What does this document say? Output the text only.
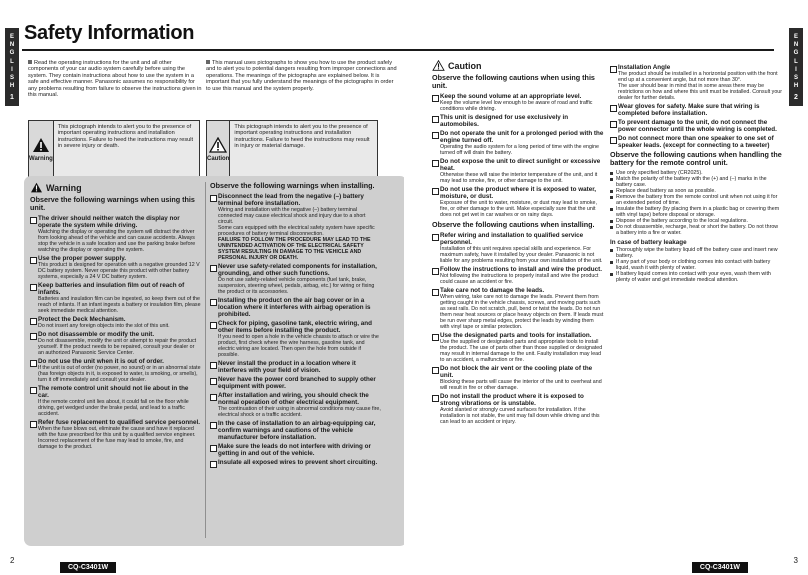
E
N
G
L
I
S
H
1
Safety Information
Read the operating instructions for the unit and all other components of your car audio system carefully before using the system. They contain instructions about how to use the system in a safe and effective manner. Panasonic assumes no responsibility for any problems resulting from failure to observe the instructions given in this manual.
This manual uses pictographs to show you how to use the product safely and to alert you to potential dangers resulting from improper connections and operations. The meanings of the pictographs are explained below. It is important that you fully understand the meanings of the pictographs in order to use this manual and the system properly.
Warning
This pictograph intends to alert you to the presence of important operating instructions and installation instructions. Failure to heed the instructions may result in severe injury or death.
Caution
This pictograph intends to alert you to the presence of important operating instructions and installation instructions. Failure to heed the instructions may result in injury or material damage.
Warning
Observe the following warnings when using this unit.
The driver should neither watch the display nor operate the system while driving.
Watching the display or operating the system will distract the driver from looking ahead of the vehicle and can cause accidents. Always stop the vehicle in a safe location and use the parking brake before watching the display or operating the system.
Use the proper power supply.
This product is designed for operation with a negative grounded 12 V DC battery system. Never operate this product with other battery systems, especially a 24 V DC battery system.
Keep batteries and insulation film out of reach of infants.
Batteries and insulation film can be ingested, so keep them out of the reach of infants. If an infant ingests a battery or insulation film, please seek immediate medical attention.
Protect the Deck Mechanism.
Do not insert any foreign objects into the slot of this unit.
Do not disassemble or modify the unit.
Do not disassemble, modify the unit or attempt to repair the product yourself. If the product needs to be repaired, consult your dealer or an authorized Panasonic Service Center.
Do not use the unit when it is out of order.
If the unit is out of order (no power, no sound) or in an abnormal state (has foreign objects in it, is exposed to water, is smoking, or smells), turn it off immediately and consult your dealer.
The remote control unit should not lie about in the car.
If the remote control unit lies about, it could fall on the floor while driving, get wedged under the brake pedal, and lead to a traffic accident.
Refer fuse replacement to qualified service personnel.
When the fuse blows out, eliminate the cause and have it replaced with the fuse prescribed for this unit by a qualified service engineer. Incorrect replacement of the fuse may lead to smoke, fire, and damage to the product.
Observe the following warnings when installing.
Disconnect the lead from the negative (–) battery terminal before installation.
Wiring and installation with the negative (–) battery terminal connected may cause electrical shock and injury due to a short circuit.
Some cars equipped with the electrical safety system have specific procedures of battery terminal disconnection.
FAILURE TO FOLLOW THE PROCEDURE MAY LEAD TO THE UNINTENDED ACTIVATION OF THE ELECTRICAL SAFETY SYSTEM RESULTING IN DAMAGE TO THE VEHICLE AND PERSONAL INJURY OR DEATH.
Never use safety-related components for installation, grounding, and other such functions.
Do not use safety-related vehicle components (fuel tank, brake, suspension, steering wheel, pedals, airbag, etc.) for wiring or fixing the product or its accessories.
Installing the product on the air bag cover or in a location where it interferes with airbag operation is prohibited.
Check for piping, gasoline tank, electric wiring, and other items before installing the product.
If you need to open a hole in the vehicle chassis to attach or wire the product, first check where the wire harness, gasoline tank, and electric wiring are located. Then open the hole from outside if possible.
Never install the product in a location where it interferes with your field of vision.
Never have the power cord branched to supply other equipment with power.
After installation and wiring, you should check the normal operation of other electrical equipment.
The continuation of their using in abnormal conditions may cause fire, electrical shock or a traffic accident.
In the case of installation to an airbag-equipping car, confirm warnings and cautions of the vehicle manufacturer before installation.
Make sure the leads do not interfere with driving or getting in and out of the vehicle.
Insulate all exposed wires to prevent short circuiting.
2
CQ-C3401W
E
N
G
L
I
S
H
2
Caution
Observe the following cautions when using this unit.
Keep the sound volume at an appropriate level.
Keep the volume level low enough to be aware of road and traffic conditions while driving.
This unit is designed for use exclusively in automobiles.
Do not operate the unit for a prolonged period with the engine turned off.
Operating the audio system for a long period of time with the engine turned off will drain the battery.
Do not expose the unit to direct sunlight or excessive heat.
Otherwise these will raise the interior temperature of the unit, and it may lead to smoke, fire, or other damage to the unit.
Do not use the product where it is exposed to water, moisture, or dust.
Exposure of the unit to water, moisture, or dust may lead to smoke, fire, or other damage to the unit. Make especially sure that the unit does not get wet in car washes or on rainy days.
Observe the following cautions when installing.
Refer wiring and installation to qualified service personnel.
Installation of this unit requires special skills and experience. For maximum safety, have it installed by your dealer. Panasonic is not liable for any problems resulting from your own installation of the unit.
Follow the instructions to install and wire the product.
Not following the instructions to properly install and wire the product could cause an accident or fire.
Take care not to damage the leads.
When wiring, take care not to damage the leads. Prevent them from getting caught in the vehicle chassis, screws, and moving parts such as seat rails. Do not scratch, pull, bend or twist the leads. Do not run them near heat sources or place heavy objects on them. If leads must be run over sharp metal edges, protect the leads by winding them with vinyl tape or similar protection.
Use the designated parts and tools for installation.
Use the supplied or designated parts and appropriate tools to install the product. The use of parts other than those supplied or designated may result in internal damage to the unit. Faulty installation may lead to an accident, a malfunction or fire.
Do not block the air vent or the cooling plate of the unit.
Blocking these parts will cause the interior of the unit to overheat and will result in fire or other damage.
Do not install the product where it is exposed to strong vibrations or is unstable.
Avoid slanted or strongly curved surfaces for installation. If the installation is not stable, the unit may fall down while driving and this can lead to an accident or injury.
Installation Angle
The product should be installed in a horizontal position with the front end up at a convenient angle, but not more than 30°.
The user should bear in mind that in some areas there may be restrictions on how and where this unit must be installed. Consult your dealer for further details.
Wear gloves for safety. Make sure that wiring is completed before installation.
To prevent damage to the unit, do not connect the power connector until the whole wiring is completed.
Do not connect more than one speaker to one set of speaker leads. (except for connecting to a tweeter)
Observe the following cautions when handling the battery for the remote control unit.
Use only specified battery (CR2025).
Match the polarity of the battery with the (+) and (–) marks in the battery case.
Replace dead battery as soon as possible.
Remove the battery from the remote control unit when not using it for an extended period of time.
Insulate the battery (by placing them in a plastic bag or covering them with vinyl tape) before disposal or storage.
Dispose of the battery according to the local regulations.
Do not disassemble, recharge, heat or short the battery. Do not throw a battery into a fire or water.
In case of battery leakage
Thoroughly wipe the battery liquid off the battery case and insert new battery.
If any part of your body or clothing comes into contact with battery liquid, wash it with plenty of water.
If battery liquid comes into contact with your eyes, wash them with plenty of water and get immediate medical attention.
3
CQ-C3401W
